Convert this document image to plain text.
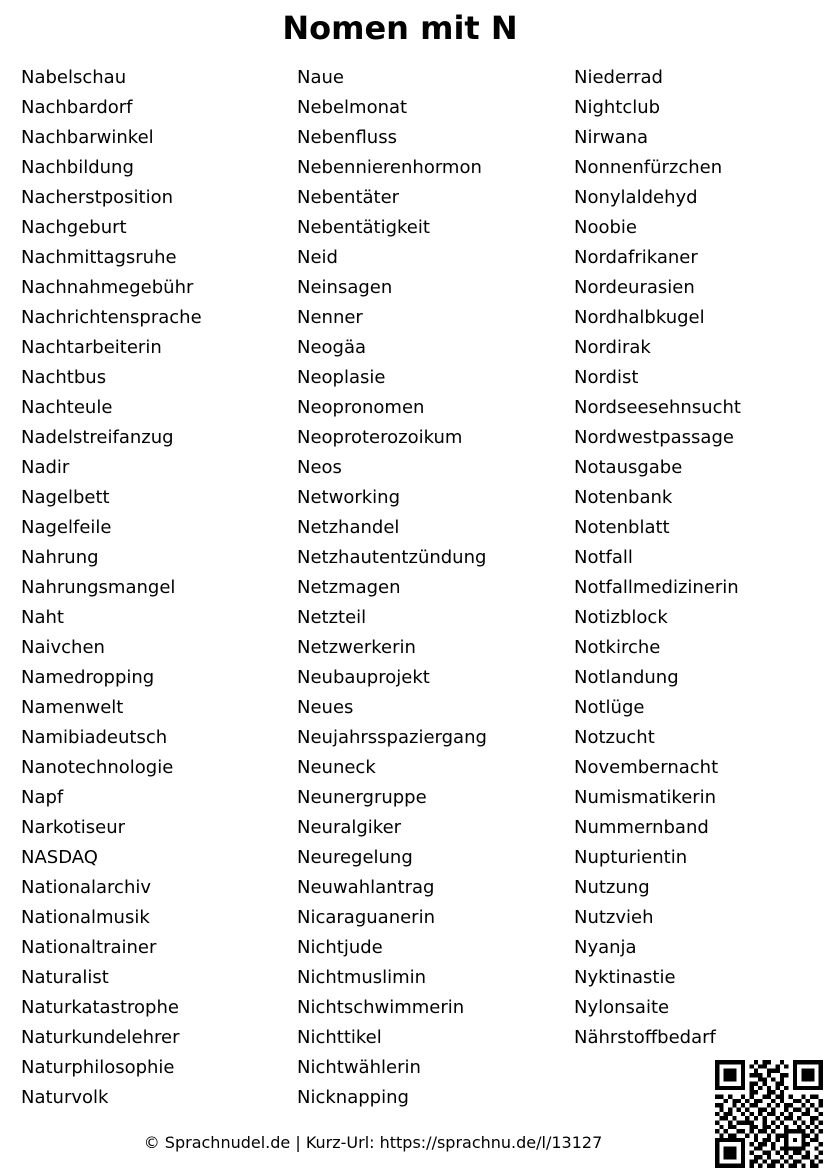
Nomen mit N
Nabelschau
Nachbardorf
Nachbarwinkel
Nachbildung
Nacherstposition
Nachgeburt
Nachmittagsruhe
Nachnahmegebühr
Nachrichtensprache
Nachtarbeiterin
Nachtbus
Nachteule
Nadelstreifanzug
Nadir
Nagelbett
Nagelfeile
Nahrung
Nahrungsmangel
Naht
Naivchen
Namedropping
Namenwelt
Namibiadeutsch
Nanotechnologie
Napf
Narkotiseur
NASDAQ
Nationalarchiv
Nationalmusik
Nationaltrainer
Naturalist
Naturkatastrophe
Naturkundelehrer
Naturphilosophie
Naturvolk
Naue
Nebelmonat
Nebenfluss
Nebennierenhormon
Nebentäter
Nebentätigkeit
Neid
Neinsagen
Nenner
Neogäa
Neoplasie
Neopronomen
Neoproterozoikum
Neos
Networking
Netzhandel
Netzhautentzündung
Netzmagen
Netzteil
Netzwerkerin
Neubauprojekt
Neues
Neujahrsspaziergang
Neuneck
Neunergruppe
Neuralgiker
Neuregelung
Neuwahlantrag
Nicaraguanerin
Nichtjude
Nichtmuslimin
Nichtschwimmerin
Nichttikel
Nichtwählerin
Nicknapping
Niederrad
Nightclub
Nirwana
Nonnenfürzchen
Nonylaldehyd
Noobie
Nordafrikaner
Nordeurasien
Nordhalbkugel
Nordirak
Nordist
Nordseesehnsucht
Nordwestpassage
Notausgabe
Notenbank
Notenblatt
Notfall
Notfallmedizinerin
Notizblock
Notkirche
Notlandung
Notlüge
Notzucht
Novembernacht
Numismatikerin
Nummernband
Nupturientin
Nutzung
Nutzvieh
Nyanja
Nyktinastie
Nylonsaite
Nährstoffbedarf
© Sprachnudel.de | Kurz-Url: https://sprachnu.de/l/13127
